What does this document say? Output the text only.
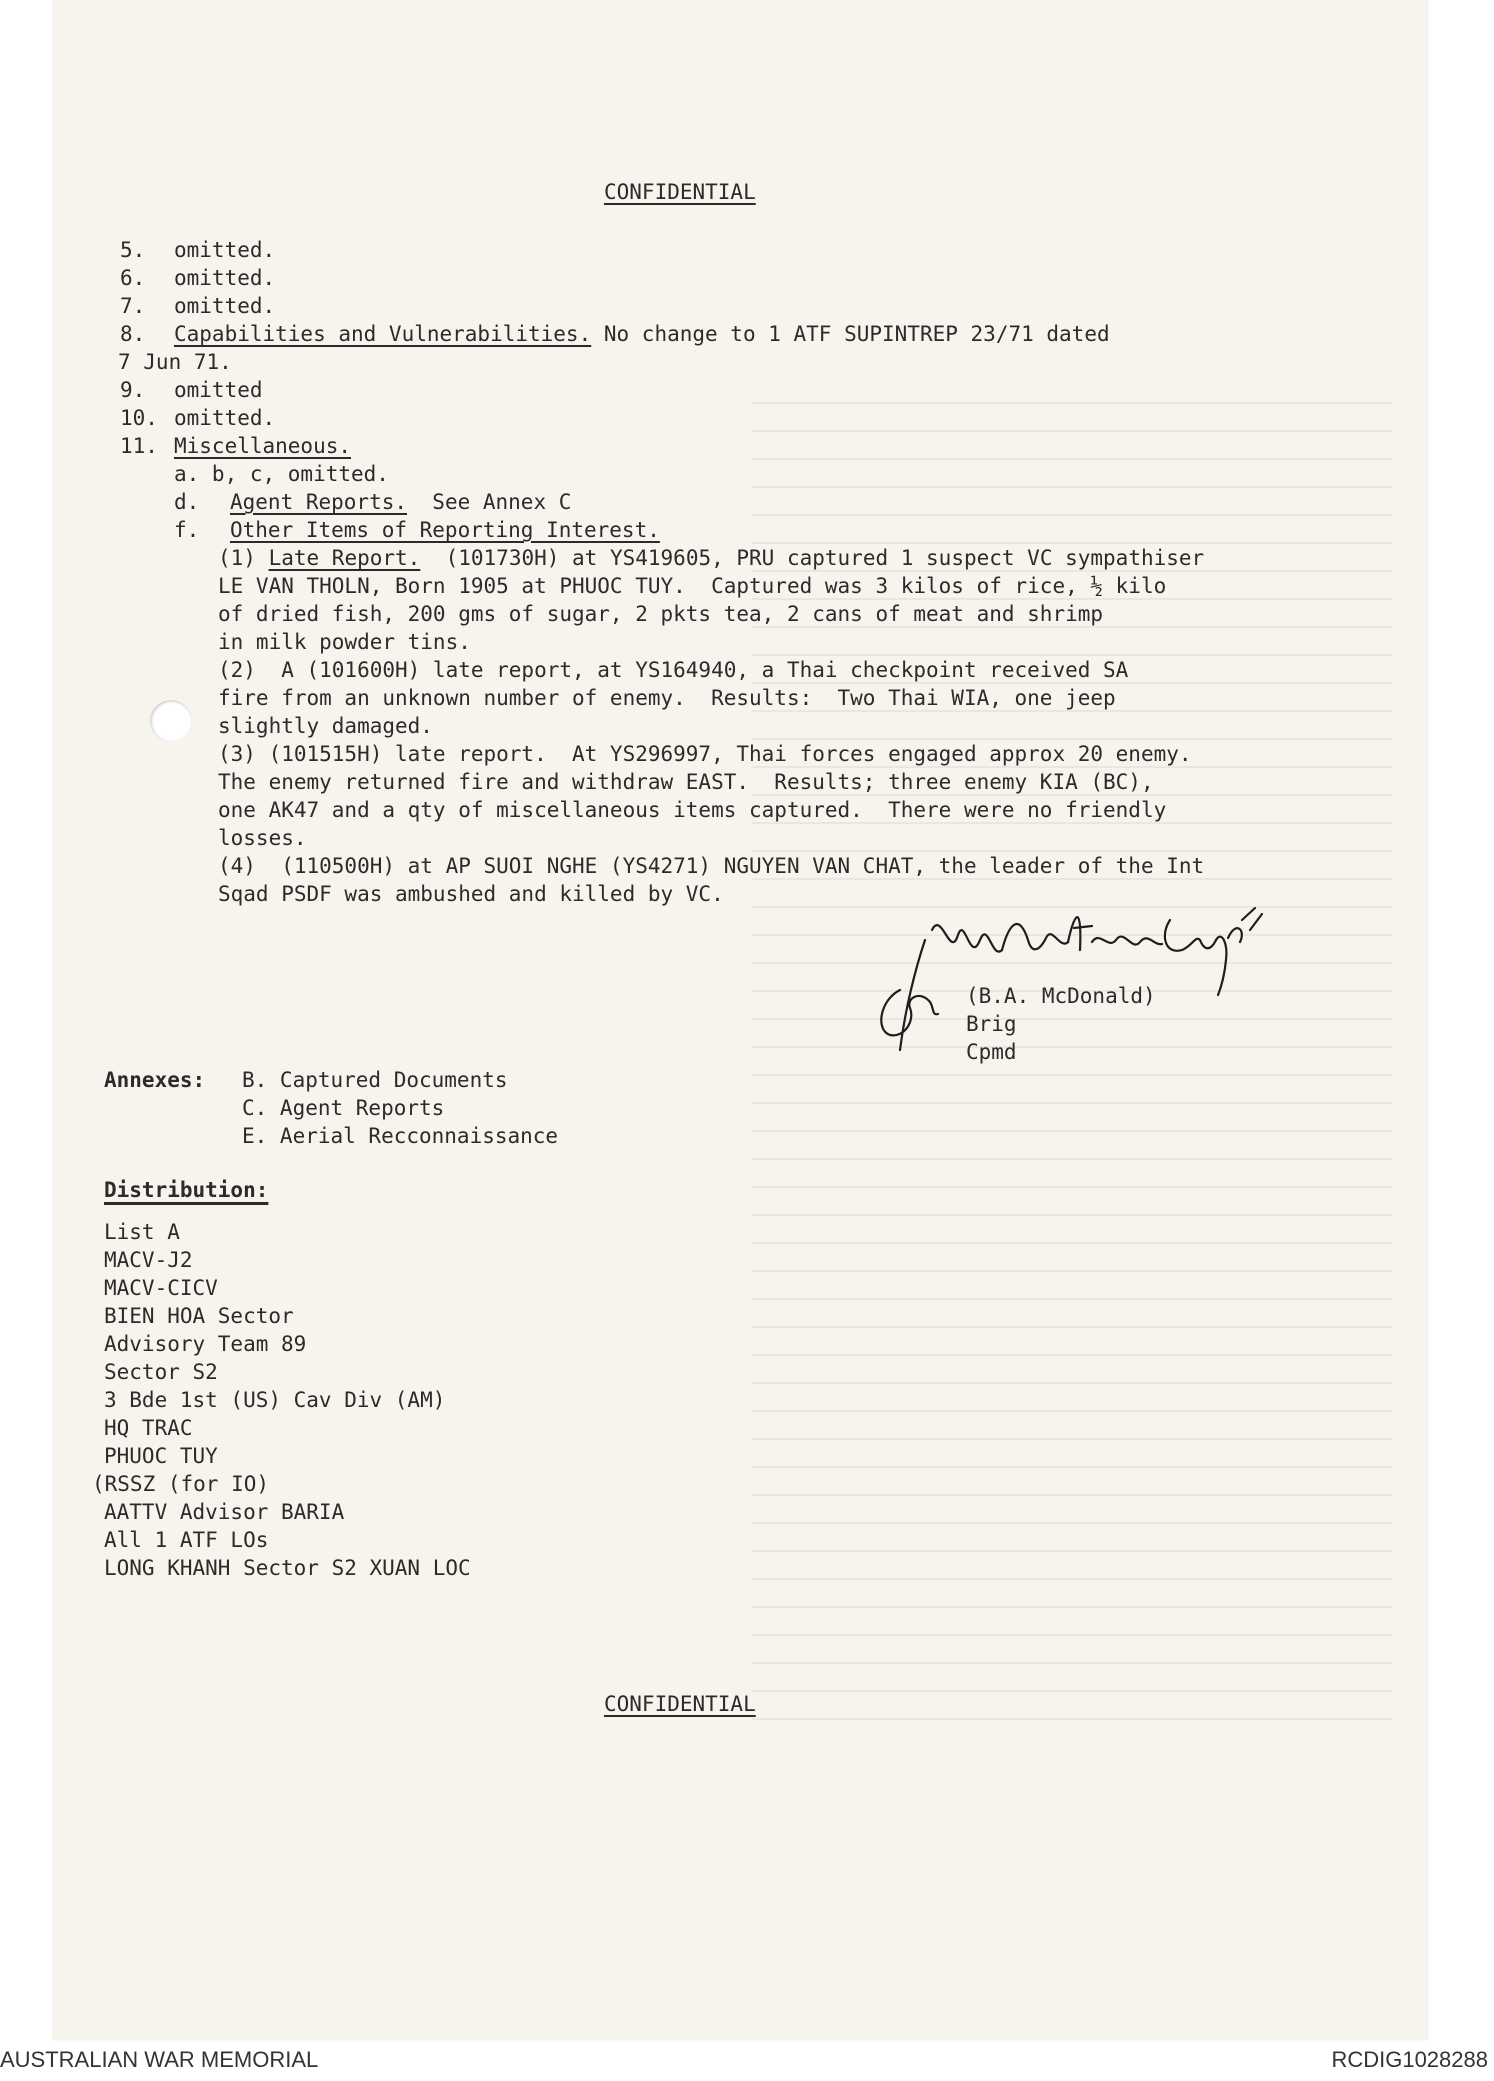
CONFIDENTIAL
5. omitted.
6. omitted.
7. omitted.
8. Capabilities and Vulnerabilities. No change to 1 ATF SUPINTREP 23/71 dated
7 Jun 71.
9. omitted
10. omitted.
11. Miscellaneous.
a. b, c, omitted.
d. Agent Reports.  See Annex C
f. Other Items of Reporting Interest.
(1) Late Report.  (101730H) at YS419605, PRU captured 1 suspect VC sympathiser
LE VAN THOLN, Born 1905 at PHUOC TUY.  Captured was 3 kilos of rice, ½ kilo
of dried fish, 200 gms of sugar, 2 pkts tea, 2 cans of meat and shrimp
in milk powder tins.
(2)  A (101600H) late report, at YS164940, a Thai checkpoint received SA
fire from an unknown number of enemy.  Results:  Two Thai WIA, one jeep
slightly damaged.
(3) (101515H) late report.  At YS296997, Thai forces engaged approx 20 enemy.
The enemy returned fire and withdraw EAST.  Results; three enemy KIA (BC),
one AK47 and a qty of miscellaneous items captured.  There were no friendly
losses.
(4)  (110500H) at AP SUOI NGHE (YS4271) NGUYEN VAN CHAT, the leader of the Int
Sqad PSDF was ambushed and killed by VC.
(B.A. McDonald)
Brig
Cpmd
Annexes: B. Captured Documents
C. Agent Reports
E. Aerial Recconnaissance
Distribution:
List A
MACV-J2
MACV-CICV
BIEN HOA Sector
Advisory Team 89
Sector S2
3 Bde 1st (US) Cav Div (AM)
HQ TRAC
PHUOC TUY
(RSSZ (for IO)
AATTV Advisor BARIA
All 1 ATF LOs
LONG KHANH Sector S2 XUAN LOC
CONFIDENTIAL
AUSTRALIAN WAR MEMORIAL	RCDIG1028288
